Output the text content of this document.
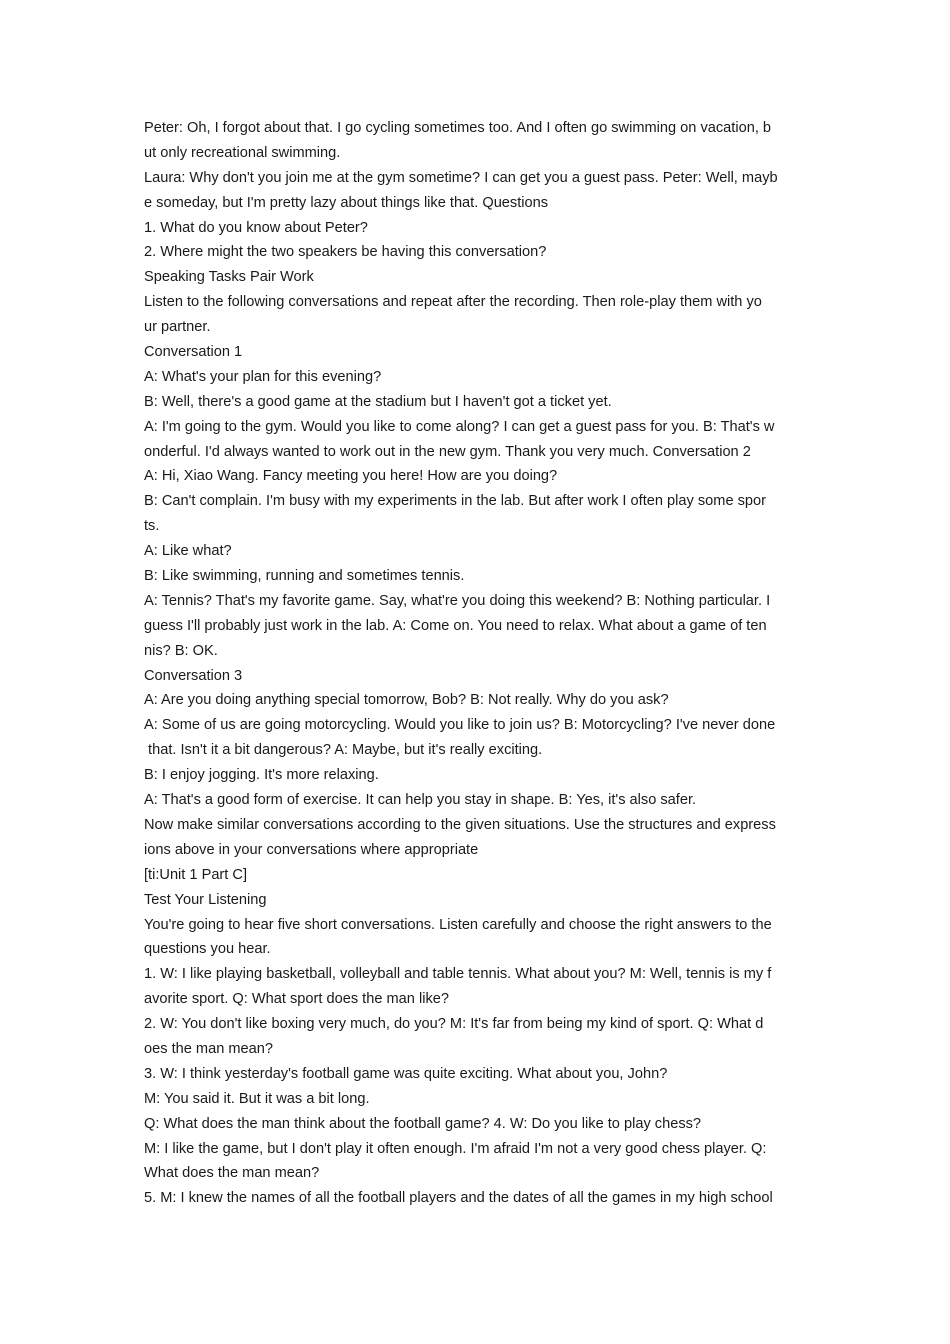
Peter: Oh, I forgot about that. I go cycling sometimes too. And I often go swimming on vacation, b
ut only recreational swimming.
Laura: Why don't you join me at the gym sometime? I can get you a guest pass. Peter: Well, mayb
e someday, but I'm pretty lazy about things like that. Questions
1. What do you know about Peter?
2. Where might the two speakers be having this conversation?
Speaking Tasks Pair Work
Listen to the following conversations and repeat after the recording. Then role-play them with yo
ur partner.
Conversation 1
A: What's your plan for this evening?
B: Well, there's a good game at the stadium but I haven't got a ticket yet.
A: I'm going to the gym. Would you like to come along? I can get a guest pass for you. B: That's w
onderful. I'd always wanted to work out in the new gym. Thank you very much. Conversation 2
A: Hi, Xiao Wang. Fancy meeting you here! How are you doing?
B: Can't complain. I'm busy with my experiments in the lab. But after work I often play some spor
ts.
A: Like what?
B: Like swimming, running and sometimes tennis.
A: Tennis? That's my favorite game. Say, what're you doing this weekend? B: Nothing particular. I
guess I'll probably just work in the lab. A: Come on. You need to relax. What about a game of ten
nis? B: OK.
Conversation 3
A: Are you doing anything special tomorrow, Bob? B: Not really. Why do you ask?
A: Some of us are going motorcycling. Would you like to join us? B: Motorcycling? I've never done
that. Isn't it a bit dangerous? A: Maybe, but it's really exciting.
B: I enjoy jogging. It's more relaxing.
A: That's a good form of exercise. It can help you stay in shape. B: Yes, it's also safer.
Now make similar conversations according to the given situations. Use the structures and express
ions above in your conversations where appropriate
[ti:Unit 1 Part C]
Test Your Listening
You're going to hear five short conversations. Listen carefully and choose the right answers to the
questions you hear.
1. W: I like playing basketball, volleyball and table tennis. What about you? M: Well, tennis is my f
avorite sport. Q: What sport does the man like?
2. W: You don't like boxing very much, do you? M: It's far from being my kind of sport. Q: What d
oes the man mean?
3. W: I think yesterday's football game was quite exciting. What about you, John?
M: You said it. But it was a bit long.
Q: What does the man think about the football game? 4. W: Do you like to play chess?
M: I like the game, but I don't play it often enough. I'm afraid I'm not a very good chess player. Q:
What does the man mean?
5. M: I knew the names of all the football players and the dates of all the games in my high school
